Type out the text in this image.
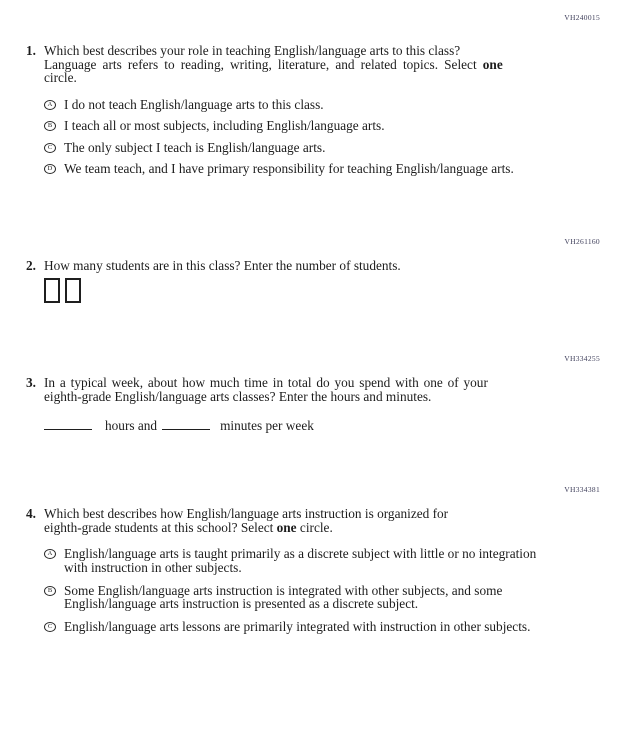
VH240015
1. Which best describes your role in teaching English/language arts to this class?
Language arts refers to reading, writing, literature, and related topics. Select one
circle.
A I do not teach English/language arts to this class.
B I teach all or most subjects, including English/language arts.
C The only subject I teach is English/language arts.
D We team teach, and I have primary responsibility for teaching English/language arts.
VH261160
2. How many students are in this class? Enter the number of students.
VH334255
3. In a typical week, about how much time in total do you spend with one of your
eighth-grade English/language arts classes? Enter the hours and minutes.
hours and	minutes per week
VH334381
4. Which best describes how English/language arts instruction is organized for
eighth-grade students at this school? Select one circle.
A English/language arts is taught primarily as a discrete subject with little or no integration
with instruction in other subjects.
B Some English/language arts instruction is integrated with other subjects, and some
English/language arts instruction is presented as a discrete subject.
C English/language arts lessons are primarily integrated with instruction in other subjects.
